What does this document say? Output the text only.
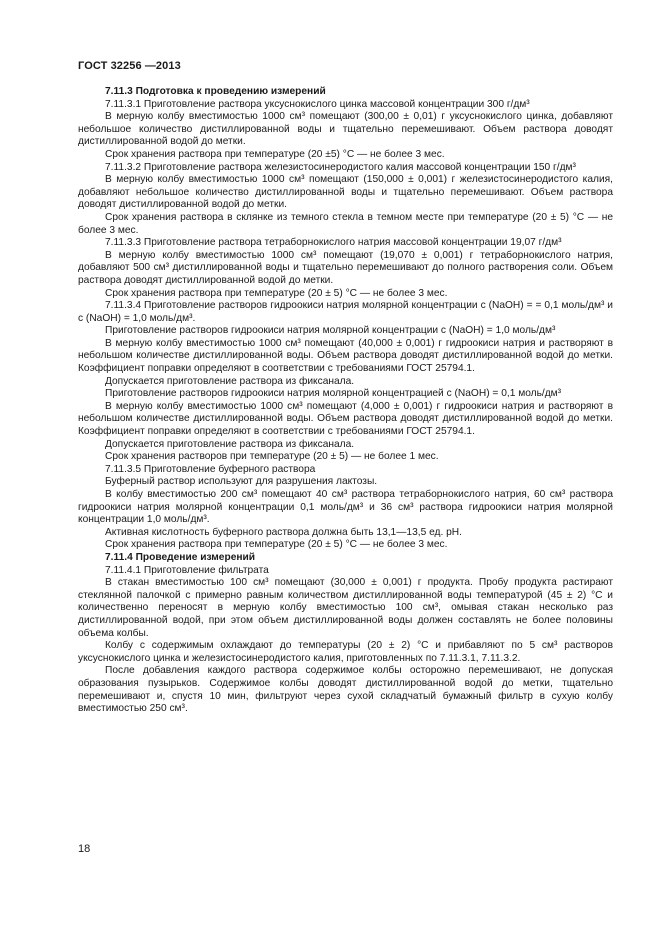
ГОСТ 32256 —2013

7.11.3 Подготовка к проведению измерений

7.11.3.1 Приготовление раствора уксуснокислого цинка массовой концентрации 300 г/дм³

В мерную колбу вместимостью 1000 см³ помещают (300,00 ± 0,01) г уксуснокислого цинка, добавляют небольшое количество дистиллированной воды и тщательно перемешивают. Объем раствора доводят дистиллированной водой до метки.

Срок хранения раствора при температуре (20 ±5) °С — не более 3 мес.

7.11.3.2 Приготовление раствора железистосинеродистого калия массовой концентрации 150 г/дм³

В мерную колбу вместимостью 1000 см³ помещают (150,000 ± 0,001) г железистосинеродистого калия, добавляют небольшое количество дистиллированной воды и тщательно перемешивают. Объем раствора доводят дистиллированной водой до метки.

Срок хранения раствора в склянке из темного стекла в темном месте при температуре (20 ± 5) °С — не более 3 мес.

7.11.3.3 Приготовление раствора тетраборнокислого натрия массовой концентрации 19,07 г/дм³

В мерную колбу вместимостью 1000 см³ помещают (19,070 ± 0,001) г тетраборнокислого натрия, добавляют 500 см³ дистиллированной воды и тщательно перемешивают до полного растворения соли. Объем раствора доводят дистиллированной водой до метки.

Срок хранения раствора при температуре (20 ± 5) °С — не более 3 мес.

7.11.3.4 Приготовление растворов гидроокиси натрия молярной концентрации с (NaOH) = = 0,1 моль/дм³ и с (NaOH) = 1,0 моль/дм³.

Приготовление растворов гидроокиси натрия молярной концентрации с (NaOH) = 1,0 моль/дм³

В мерную колбу вместимостью 1000 см³ помещают (40,000 ± 0,001) г гидроокиси натрия и растворяют в небольшом количестве дистиллированной воды. Объем раствора доводят дистиллированной водой до метки. Коэффициент поправки определяют в соответствии с требованиями ГОСТ 25794.1.

Допускается приготовление раствора из фиксанала.

Приготовление растворов гидроокиси натрия молярной концентрацией с (NaOH) = 0,1 моль/дм³

В мерную колбу вместимостью 1000 см³ помещают (4,000 ± 0,001) г гидроокиси натрия и растворяют в небольшом количестве дистиллированной воды. Объем раствора доводят дистиллированной водой до метки. Коэффициент поправки определяют в соответствии с требованиями ГОСТ 25794.1.

Допускается приготовление раствора из фиксанала.

Срок хранения растворов при температуре (20 ± 5) — не более 1 мес.

7.11.3.5 Приготовление буферного раствора

Буферный раствор используют для разрушения лактозы.

В колбу вместимостью 200 см³ помещают 40 см³ раствора тетраборнокислого натрия, 60 см³ раствора гидроокиси натрия молярной концентрации 0,1 моль/дм³ и 36 см³ раствора гидроокиси натрия молярной концентрации 1,0 моль/дм³.

Активная кислотность буферного раствора должна быть 13,1—13,5 ед. рН.

Срок хранения раствора при температуре (20 ± 5) °С — не более 3 мес.

7.11.4 Проведение измерений

7.11.4.1 Приготовление фильтрата

В стакан вместимостью 100 см³ помещают (30,000 ± 0,001) г продукта. Пробу продукта растирают стеклянной палочкой с примерно равным количеством дистиллированной воды температурой (45 ± 2) °С и количественно переносят в мерную колбу вместимостью 100 см³, омывая стакан несколько раз дистиллированной водой, при этом объем дистиллированной воды должен составлять не более половины объема колбы.

Колбу с содержимым охлаждают до температуры (20 ± 2) °С и прибавляют по 5 см³ растворов уксуснокислого цинка и железистосинеродистого калия, приготовленных по 7.11.3.1, 7.11.3.2.

После добавления каждого раствора содержимое колбы осторожно перемешивают, не допуская образования пузырьков. Содержимое колбы доводят дистиллированной водой до метки, тщательно перемешивают и, спустя 10 мин, фильтруют через сухой складчатый бумажный фильтр в сухую колбу вместимостью 250 см³.

18
